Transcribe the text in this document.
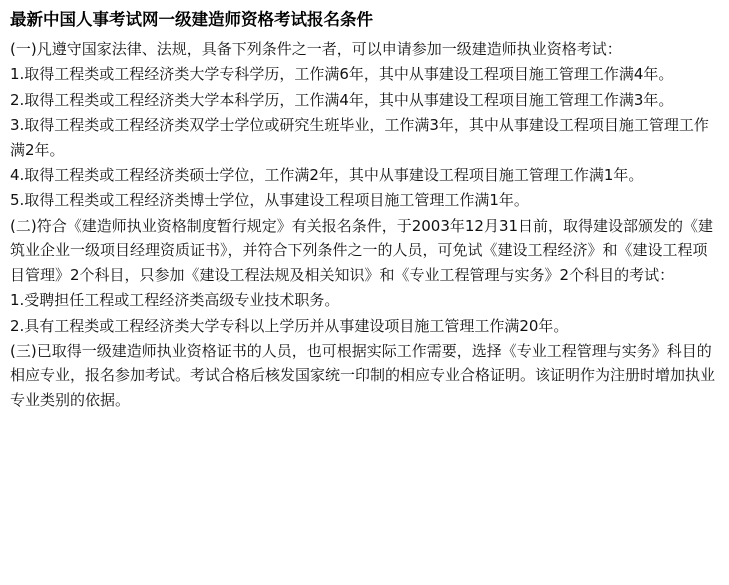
最新中国人事考试网一级建造师资格考试报名条件

(一)凡遵守国家法律、法规，具备下列条件之一者，可以申请参加一级建造师执业资格考试：

1.取得工程类或工程经济类大学专科学历，工作满6年，其中从事建设工程项目施工管理工作满4年。

2.取得工程类或工程经济类大学本科学历，工作满4年，其中从事建设工程项目施工管理工作满3年。

3.取得工程类或工程经济类双学士学位或研究生班毕业，工作满3年，其中从事建设工程项目施工管理工作满2年。

4.取得工程类或工程经济类硕士学位，工作满2年，其中从事建设工程项目施工管理工作满1年。

5.取得工程类或工程经济类博士学位，从事建设工程项目施工管理工作满1年。

(二)符合《建造师执业资格制度暂行规定》有关报名条件，于2003年12月31日前，取得建设部颁发的《建筑业企业一级项目经理资质证书》，并符合下列条件之一的人员，可免试《建设工程经济》和《建设工程项目管理》2个科目，只参加《建设工程法规及相关知识》和《专业工程管理与实务》2个科目的考试：

1.受聘担任工程或工程经济类高级专业技术职务。

2.具有工程类或工程经济类大学专科以上学历并从事建设项目施工管理工作满20年。

(三)已取得一级建造师执业资格证书的人员，也可根据实际工作需要，选择《专业工程管理与实务》科目的相应专业，报名参加考试。考试合格后核发国家统一印制的相应专业合格证明。该证明作为注册时增加执业专业类别的依据。
